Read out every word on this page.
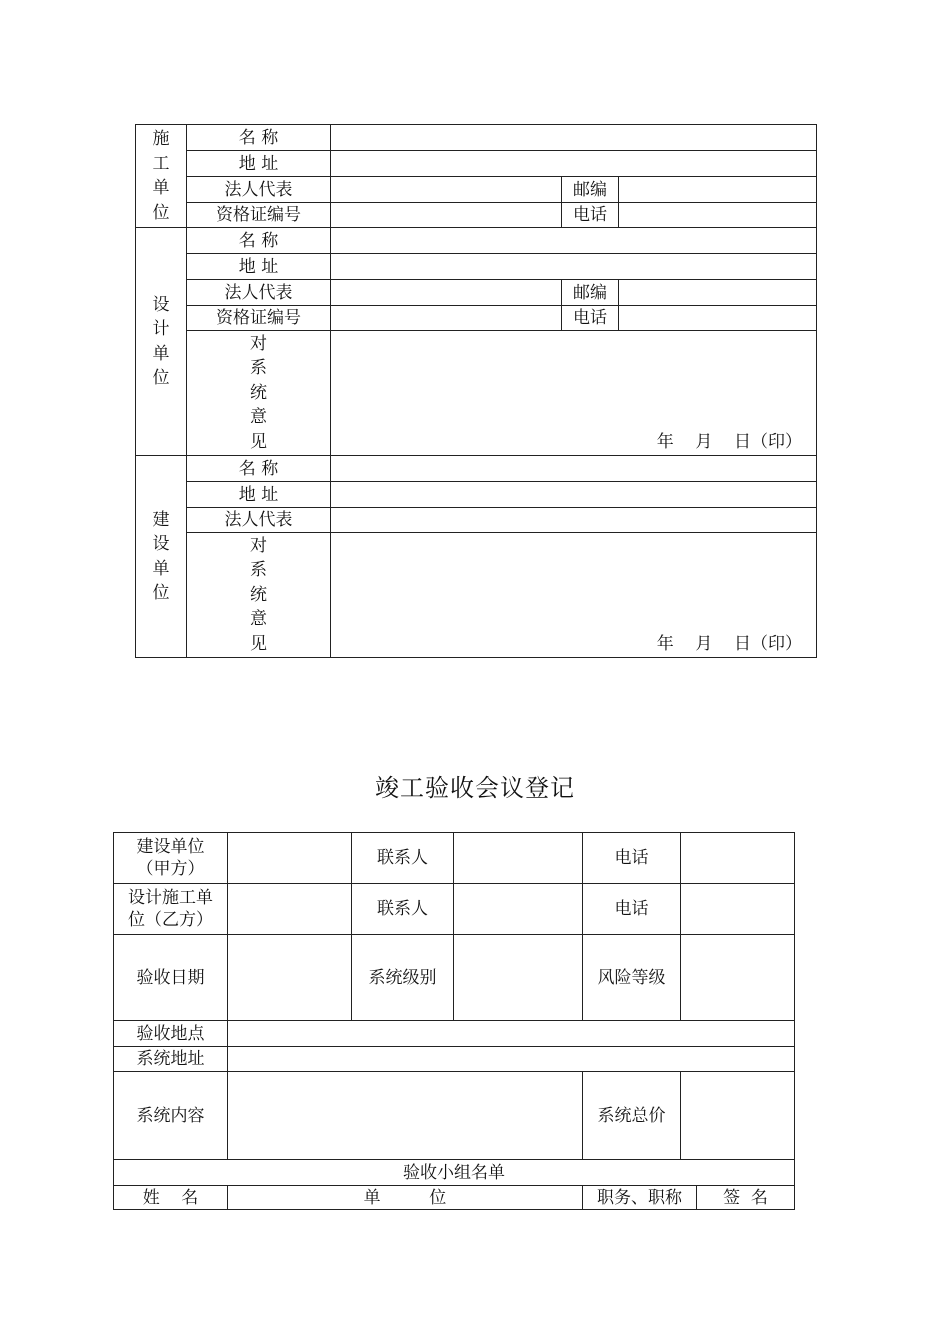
施工单位	名 称			
	地 址			
	法人代表		邮编	
	资格证编号		电话	
设计单位	名 称			
	地 址			
	法人代表		邮编	
	资格证编号		电话	
	对系统意见	年    月    日（印）		

建设单位	名 称			
	地 址			
	法人代表			
	对系统意见	年    月    日（印）		
竣工验收会议登记
建设单位（甲方）		联系人		电话		
设计施工单位（乙方）		联系人		电话		
验收日期		系统级别		风险等级		
验收地点						
系统地址						
系统内容				系统总价		
验收小组名单						
姓    名	单         位			职务、职称		签  名
